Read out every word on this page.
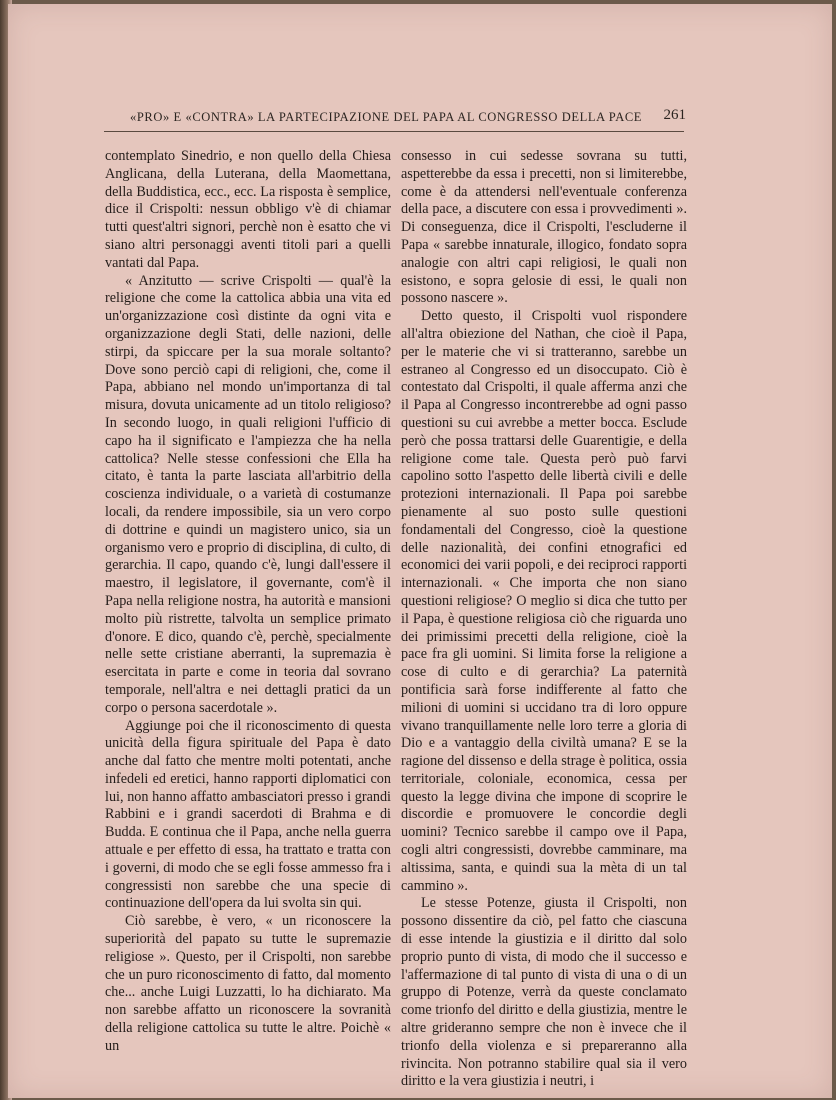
«PRO» E «CONTRA» LA PARTECIPAZIONE DEL PAPA AL CONGRESSO DELLA PACE 261

contemplato Sinedrio, e non quello della Chiesa Anglicana, della Luterana, della Maomettana, della Buddistica, ecc., ecc. La risposta è semplice, dice il Crispolti: nessun obbligo v'è di chiamar tutti quest'altri signori, perchè non è esatto che vi siano altri personaggi aventi titoli pari a quelli vantati dal Papa.

« Anzitutto — scrive Crispolti — qual'è la religione che come la cattolica abbia una vita ed un'organizzazione così distinte da ogni vita e organizzazione degli Stati, delle nazioni, delle stirpi, da spiccare per la sua morale soltanto? Dove sono perciò capi di religioni, che, come il Papa, abbiano nel mondo un'importanza di tal misura, dovuta unicamente ad un titolo religioso? In secondo luogo, in quali religioni l'ufficio di capo ha il significato e l'ampiezza che ha nella cattolica? Nelle stesse confessioni che Ella ha citato, è tanta la parte lasciata all'arbitrio della coscienza individuale, o a varietà di costumanze locali, da rendere impossibile, sia un vero corpo di dottrine e quindi un magistero unico, sia un organismo vero e proprio di disciplina, di culto, di gerarchia. Il capo, quando c'è, lungi dall'essere il maestro, il legislatore, il governante, com'è il Papa nella religione nostra, ha autorità e mansioni molto più ristrette, talvolta un semplice primato d'onore. E dico, quando c'è, perchè, specialmente nelle sette cristiane aberranti, la supremazia è esercitata in parte e come in teoria dal sovrano temporale, nell'altra e nei dettagli pratici da un corpo o persona sacerdotale ».

Aggiunge poi che il riconoscimento di questa unicità della figura spirituale del Papa è dato anche dal fatto che mentre molti potentati, anche infedeli ed eretici, hanno rapporti diplomatici con lui, non hanno affatto ambasciatori presso i grandi Rabbini e i grandi sacerdoti di Brahma e di Budda. E continua che il Papa, anche nella guerra attuale e per effetto di essa, ha trattato e tratta con i governi, di modo che se egli fosse ammesso fra i congressisti non sarebbe che una specie di continuazione dell'opera da lui svolta sin qui.

Ciò sarebbe, è vero, « un riconoscere la superiorità del papato su tutte le supremazie religiose ». Questo, per il Crispolti, non sarebbe che un puro riconoscimento di fatto, dal momento che... anche Luigi Luzzatti, lo ha dichiarato. Ma non sarebbe affatto un riconoscere la sovranità della religione cattolica su tutte le altre. Poichè « un

consesso in cui sedesse sovrana su tutti, aspetterebbe da essa i precetti, non si limiterebbe, come è da attendersi nell'eventuale conferenza della pace, a discutere con essa i provvedimenti ». Di conseguenza, dice il Crispolti, l'escluderne il Papa « sarebbe innaturale, illogico, fondato sopra analogie con altri capi religiosi, le quali non esistono, e sopra gelosie di essi, le quali non possono nascere ».

Detto questo, il Crispolti vuol rispondere all'altra obiezione del Nathan, che cioè il Papa, per le materie che vi si tratteranno, sarebbe un estraneo al Congresso ed un disoccupato. Ciò è contestato dal Crispolti, il quale afferma anzi che il Papa al Congresso incontrerebbe ad ogni passo questioni su cui avrebbe a metter bocca. Esclude però che possa trattarsi delle Guarentigie, e della religione come tale. Questa però può farvi capolino sotto l'aspetto delle libertà civili e delle protezioni internazionali. Il Papa poi sarebbe pienamente al suo posto sulle questioni fondamentali del Congresso, cioè la questione delle nazionalità, dei confini etnografici ed economici dei varii popoli, e dei reciproci rapporti internazionali. « Che importa che non siano questioni religiose? O meglio si dica che tutto per il Papa, è questione religiosa ciò che riguarda uno dei primissimi precetti della religione, cioè la pace fra gli uomini. Si limita forse la religione a cose di culto e di gerarchia? La paternità pontificia sarà forse indifferente al fatto che milioni di uomini si uccidano tra di loro oppure vivano tranquillamente nelle loro terre a gloria di Dio e a vantaggio della civiltà umana? E se la ragione del dissenso e della strage è politica, ossia territoriale, coloniale, economica, cessa per questo la legge divina che impone di scoprire le discordie e promuovere le concordie degli uomini? Tecnico sarebbe il campo ove il Papa, cogli altri congressisti, dovrebbe camminare, ma altissima, santa, e quindi sua la mèta di un tal cammino ».

Le stesse Potenze, giusta il Crispolti, non possono dissentire da ciò, pel fatto che ciascuna di esse intende la giustizia e il diritto dal solo proprio punto di vista, di modo che il successo e l'affermazione di tal punto di vista di una o di un gruppo di Potenze, verrà da queste conclamato come trionfo del diritto e della giustizia, mentre le altre grideranno sempre che non è invece che il trionfo della violenza e si prepareranno alla rivincita. Non potranno stabilire qual sia il vero diritto e la vera giustizia i neutri, i
